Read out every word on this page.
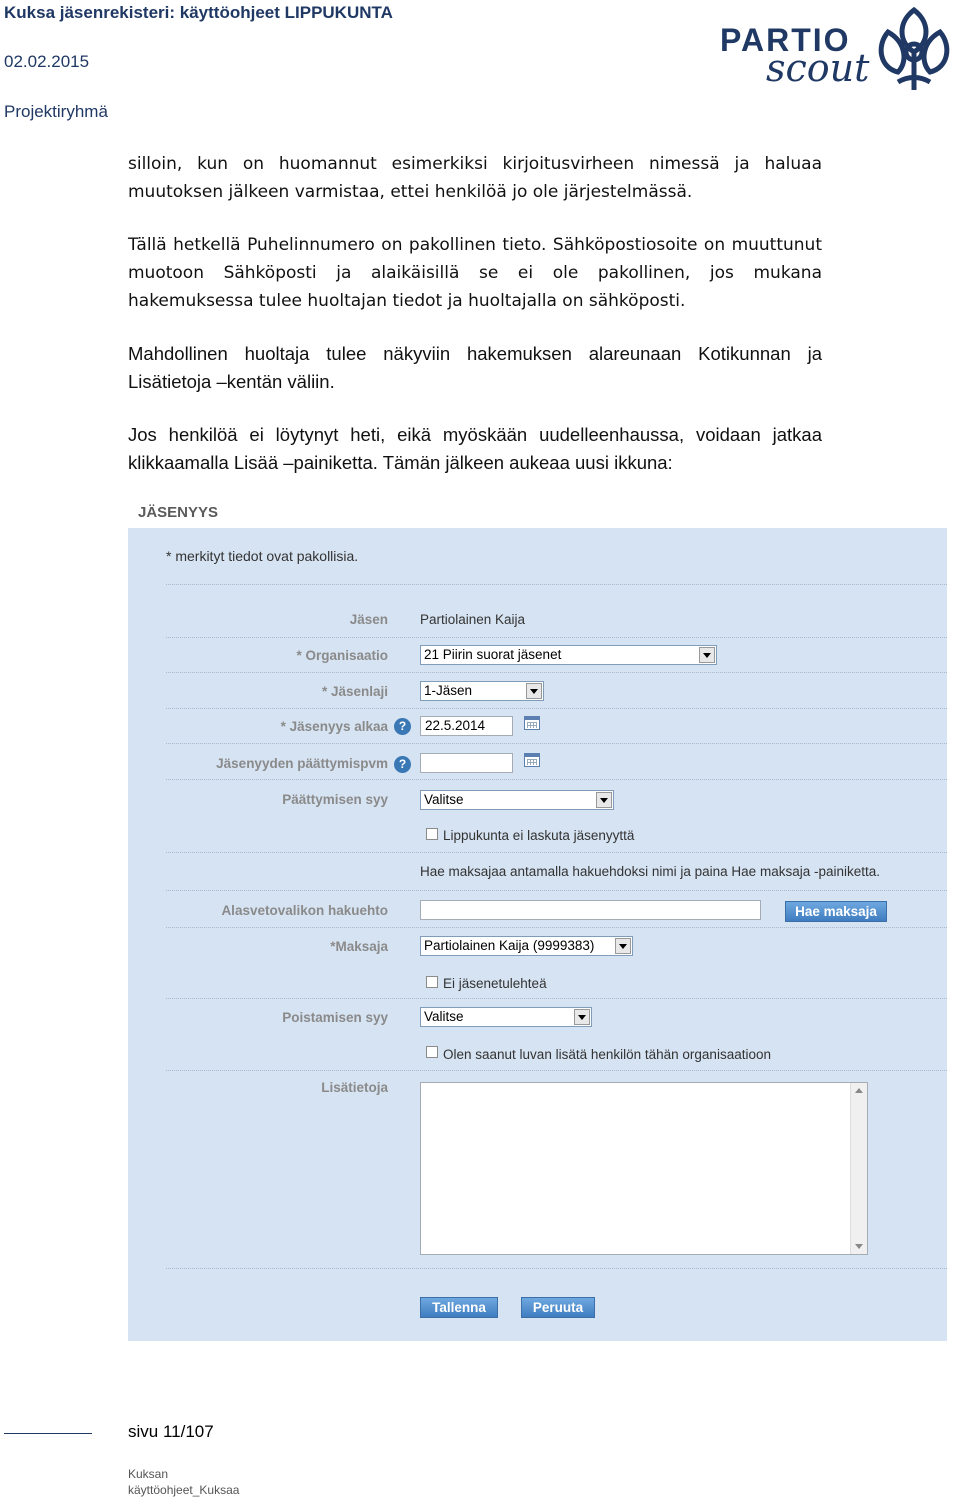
Kuksa jäsenrekisteri: käyttöohjeet LIPPUKUNTA
02.02.2015
Projektiryhmä
PARTIO
scout
silloin, kun on huomannut esimerkiksi kirjoitusvirheen nimessä ja haluaa muutoksen jälkeen varmistaa, ettei henkilöä jo ole järjestelmässä.
Tällä hetkellä Puhelinnumero on pakollinen tieto. Sähköpostiosoite on muuttunut muotoon Sähköposti ja alaikäisillä se ei ole pakollinen, jos mukana hakemuksessa tulee huoltajan tiedot ja huoltajalla on sähköposti.
Mahdollinen huoltaja tulee näkyviin hakemuksen alareunaan Kotikunnan ja Lisätietoja –kentän väliin.
Jos henkilöä ei löytynyt heti, eikä myöskään uudelleenhaussa, voidaan jatkaa klikkaamalla Lisää –painiketta. Tämän jälkeen aukeaa uusi ikkuna:
JÄSENYYS
* merkityt tiedot ovat pakollisia.
Jäsen Partiolainen Kaija
* Organisaatio	21 Piirin suorat jäsenet
* Jäsenlaji	1-Jäsen
* Jäsenyys alkaa ?	22.5.2014
Jäsenyyden päättymispvm ?
Päättymisen syy	Valitse
Lippukunta ei laskuta jäsenyyttä
Hae maksajaa antamalla hakuehdoksi nimi ja paina Hae maksaja -painiketta.
Alasvetovalikon hakuehto	Hae maksaja
*Maksaja	Partiolainen Kaija (9999383)
Ei jäsenetulehteä
Poistamisen syy	Valitse
Olen saanut luvan lisätä henkilön tähän organisaatioon
Lisätietoja
Tallenna	Peruuta
sivu 11/107
Kuksan käyttöohjeet_Kuksaa
